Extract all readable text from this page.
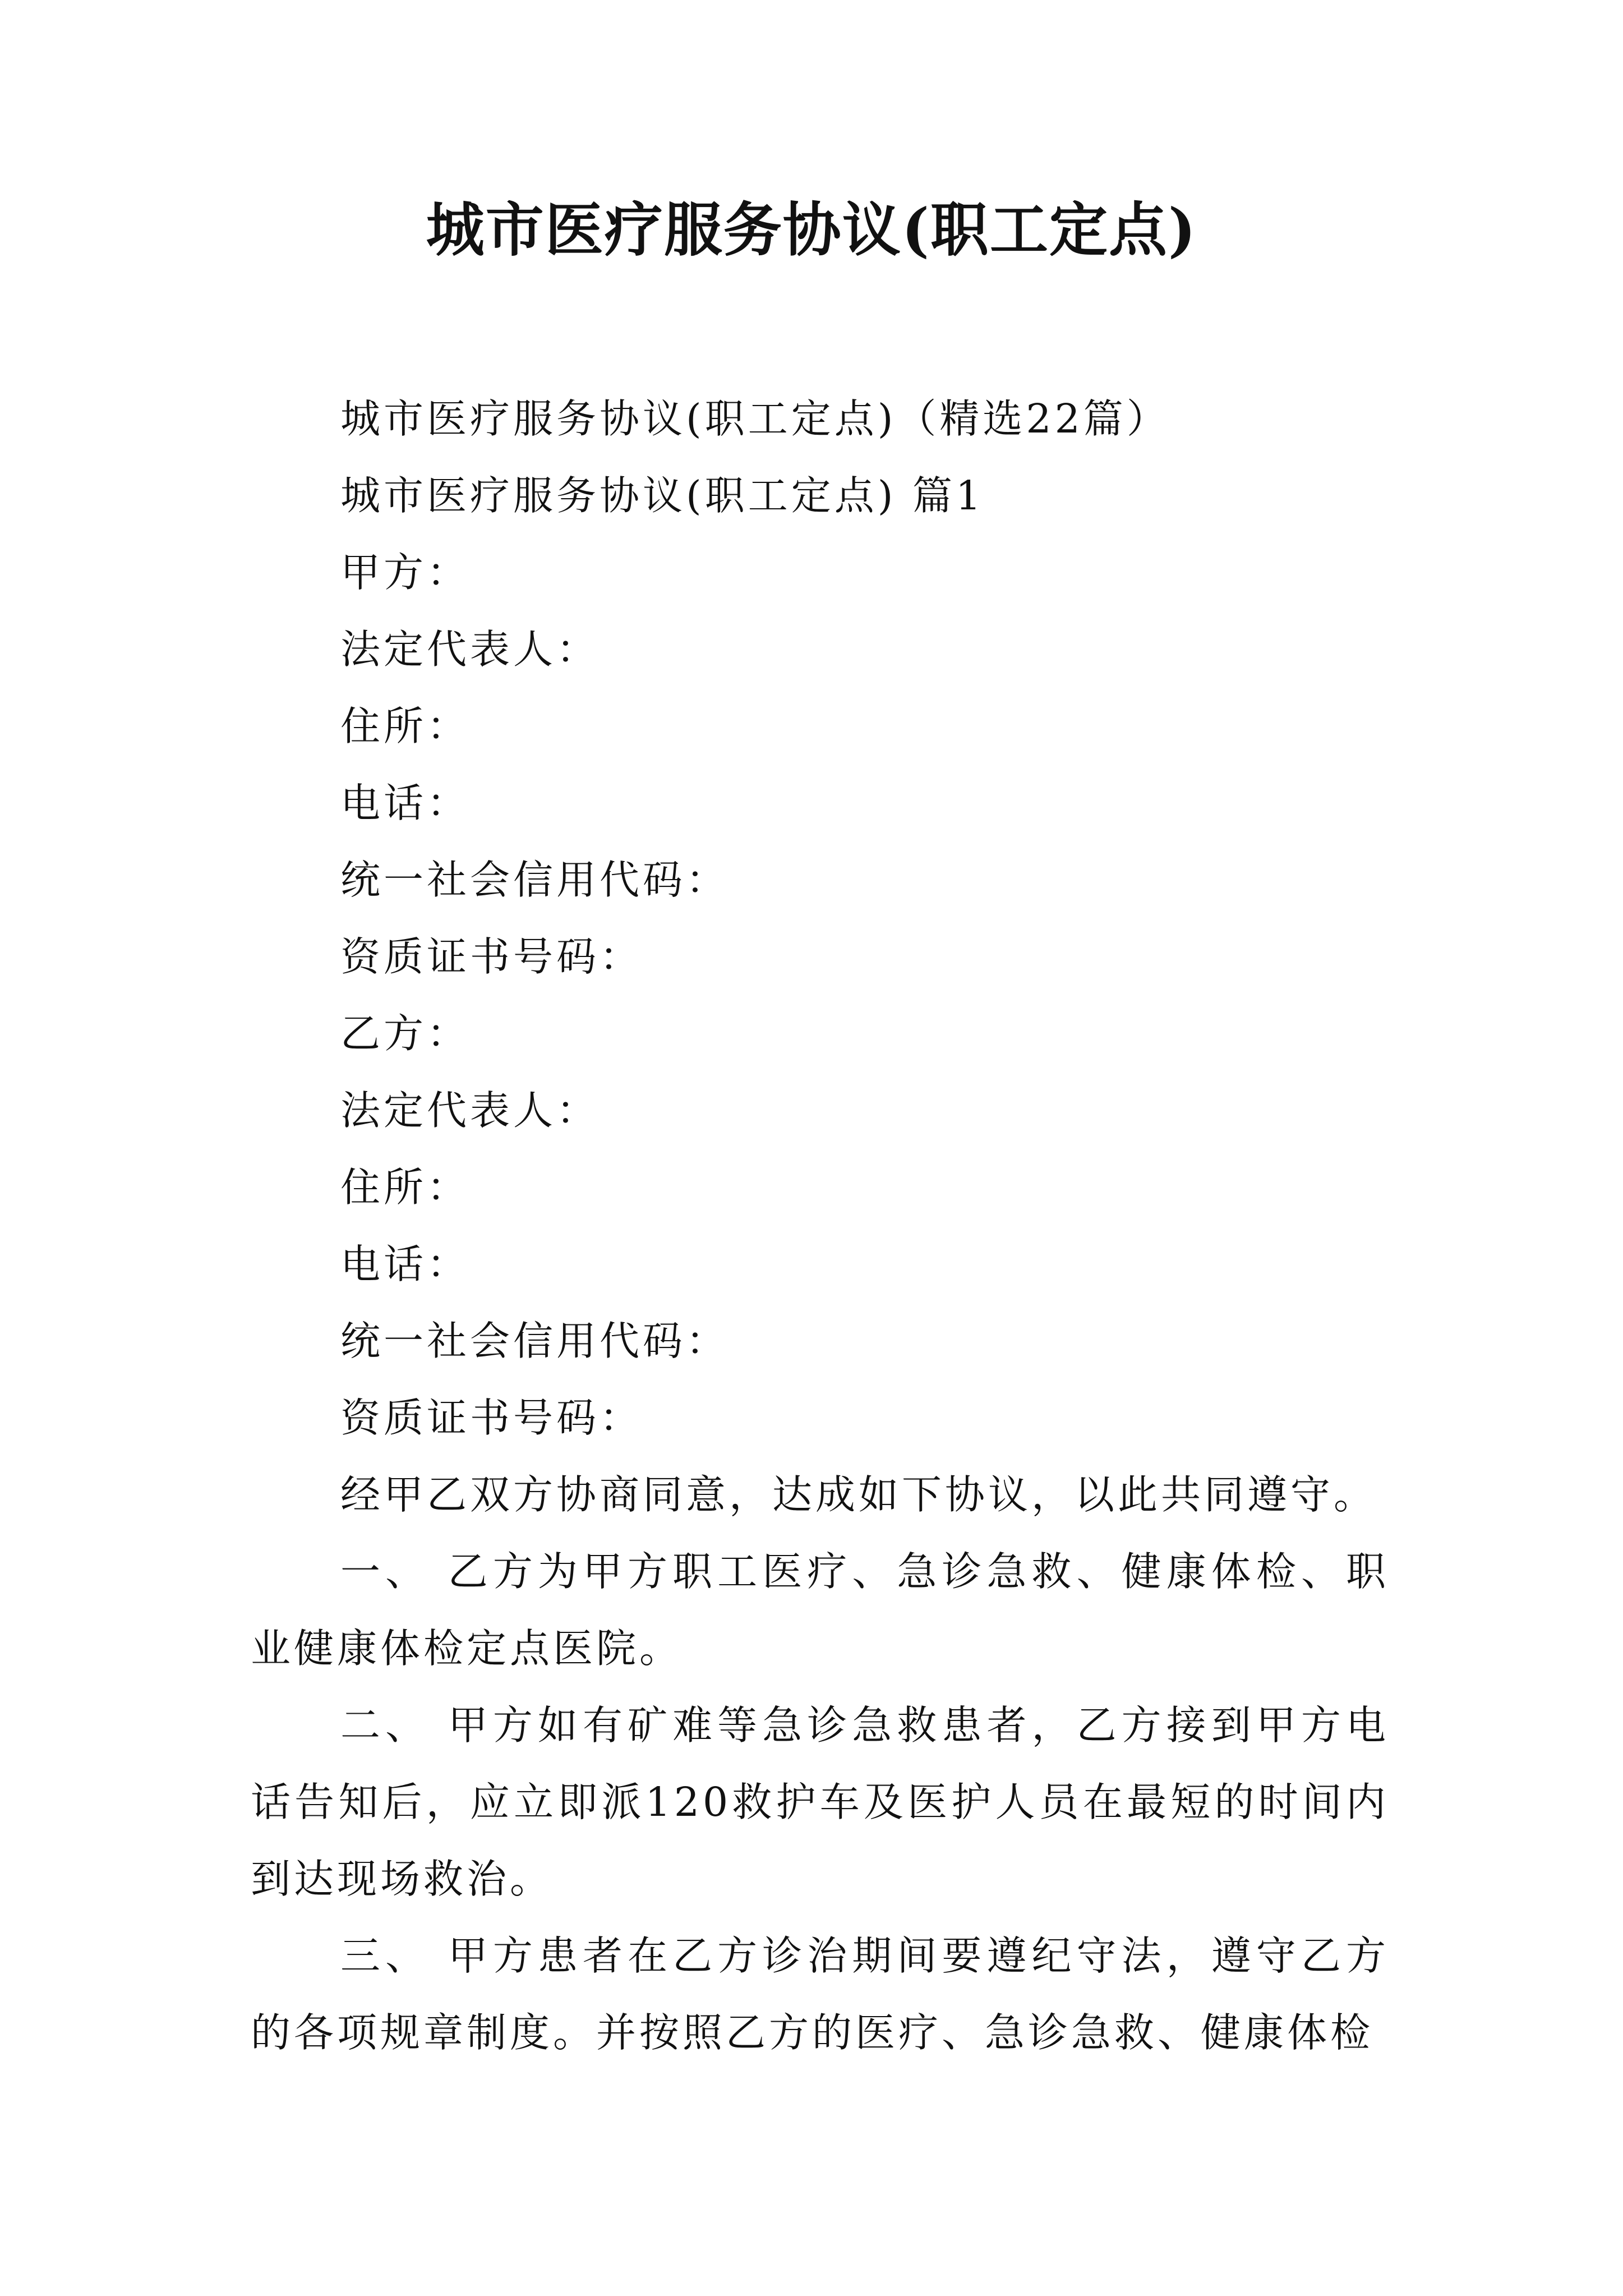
城市医疗服务协议(职工定点)
城市医疗服务协议(职工定点)（精选22篇）
城市医疗服务协议(职工定点) 篇1
甲方：
法定代表人：
住所：
电话：
统一社会信用代码：
资质证书号码：
乙方：
法定代表人：
住所：
电话：
统一社会信用代码：
资质证书号码：
经甲乙双方协商同意，达成如下协议，以此共同遵守。
一、 乙方为甲方职工医疗、急诊急救、健康体检、职业健康体检定点医院。
二、 甲方如有矿难等急诊急救患者，乙方接到甲方电话告知后，应立即派120救护车及医护人员在最短的时间内到达现场救治。
三、 甲方患者在乙方诊治期间要遵纪守法，遵守乙方的各项规章制度。并按照乙方的医疗、急诊急救、健康体检
